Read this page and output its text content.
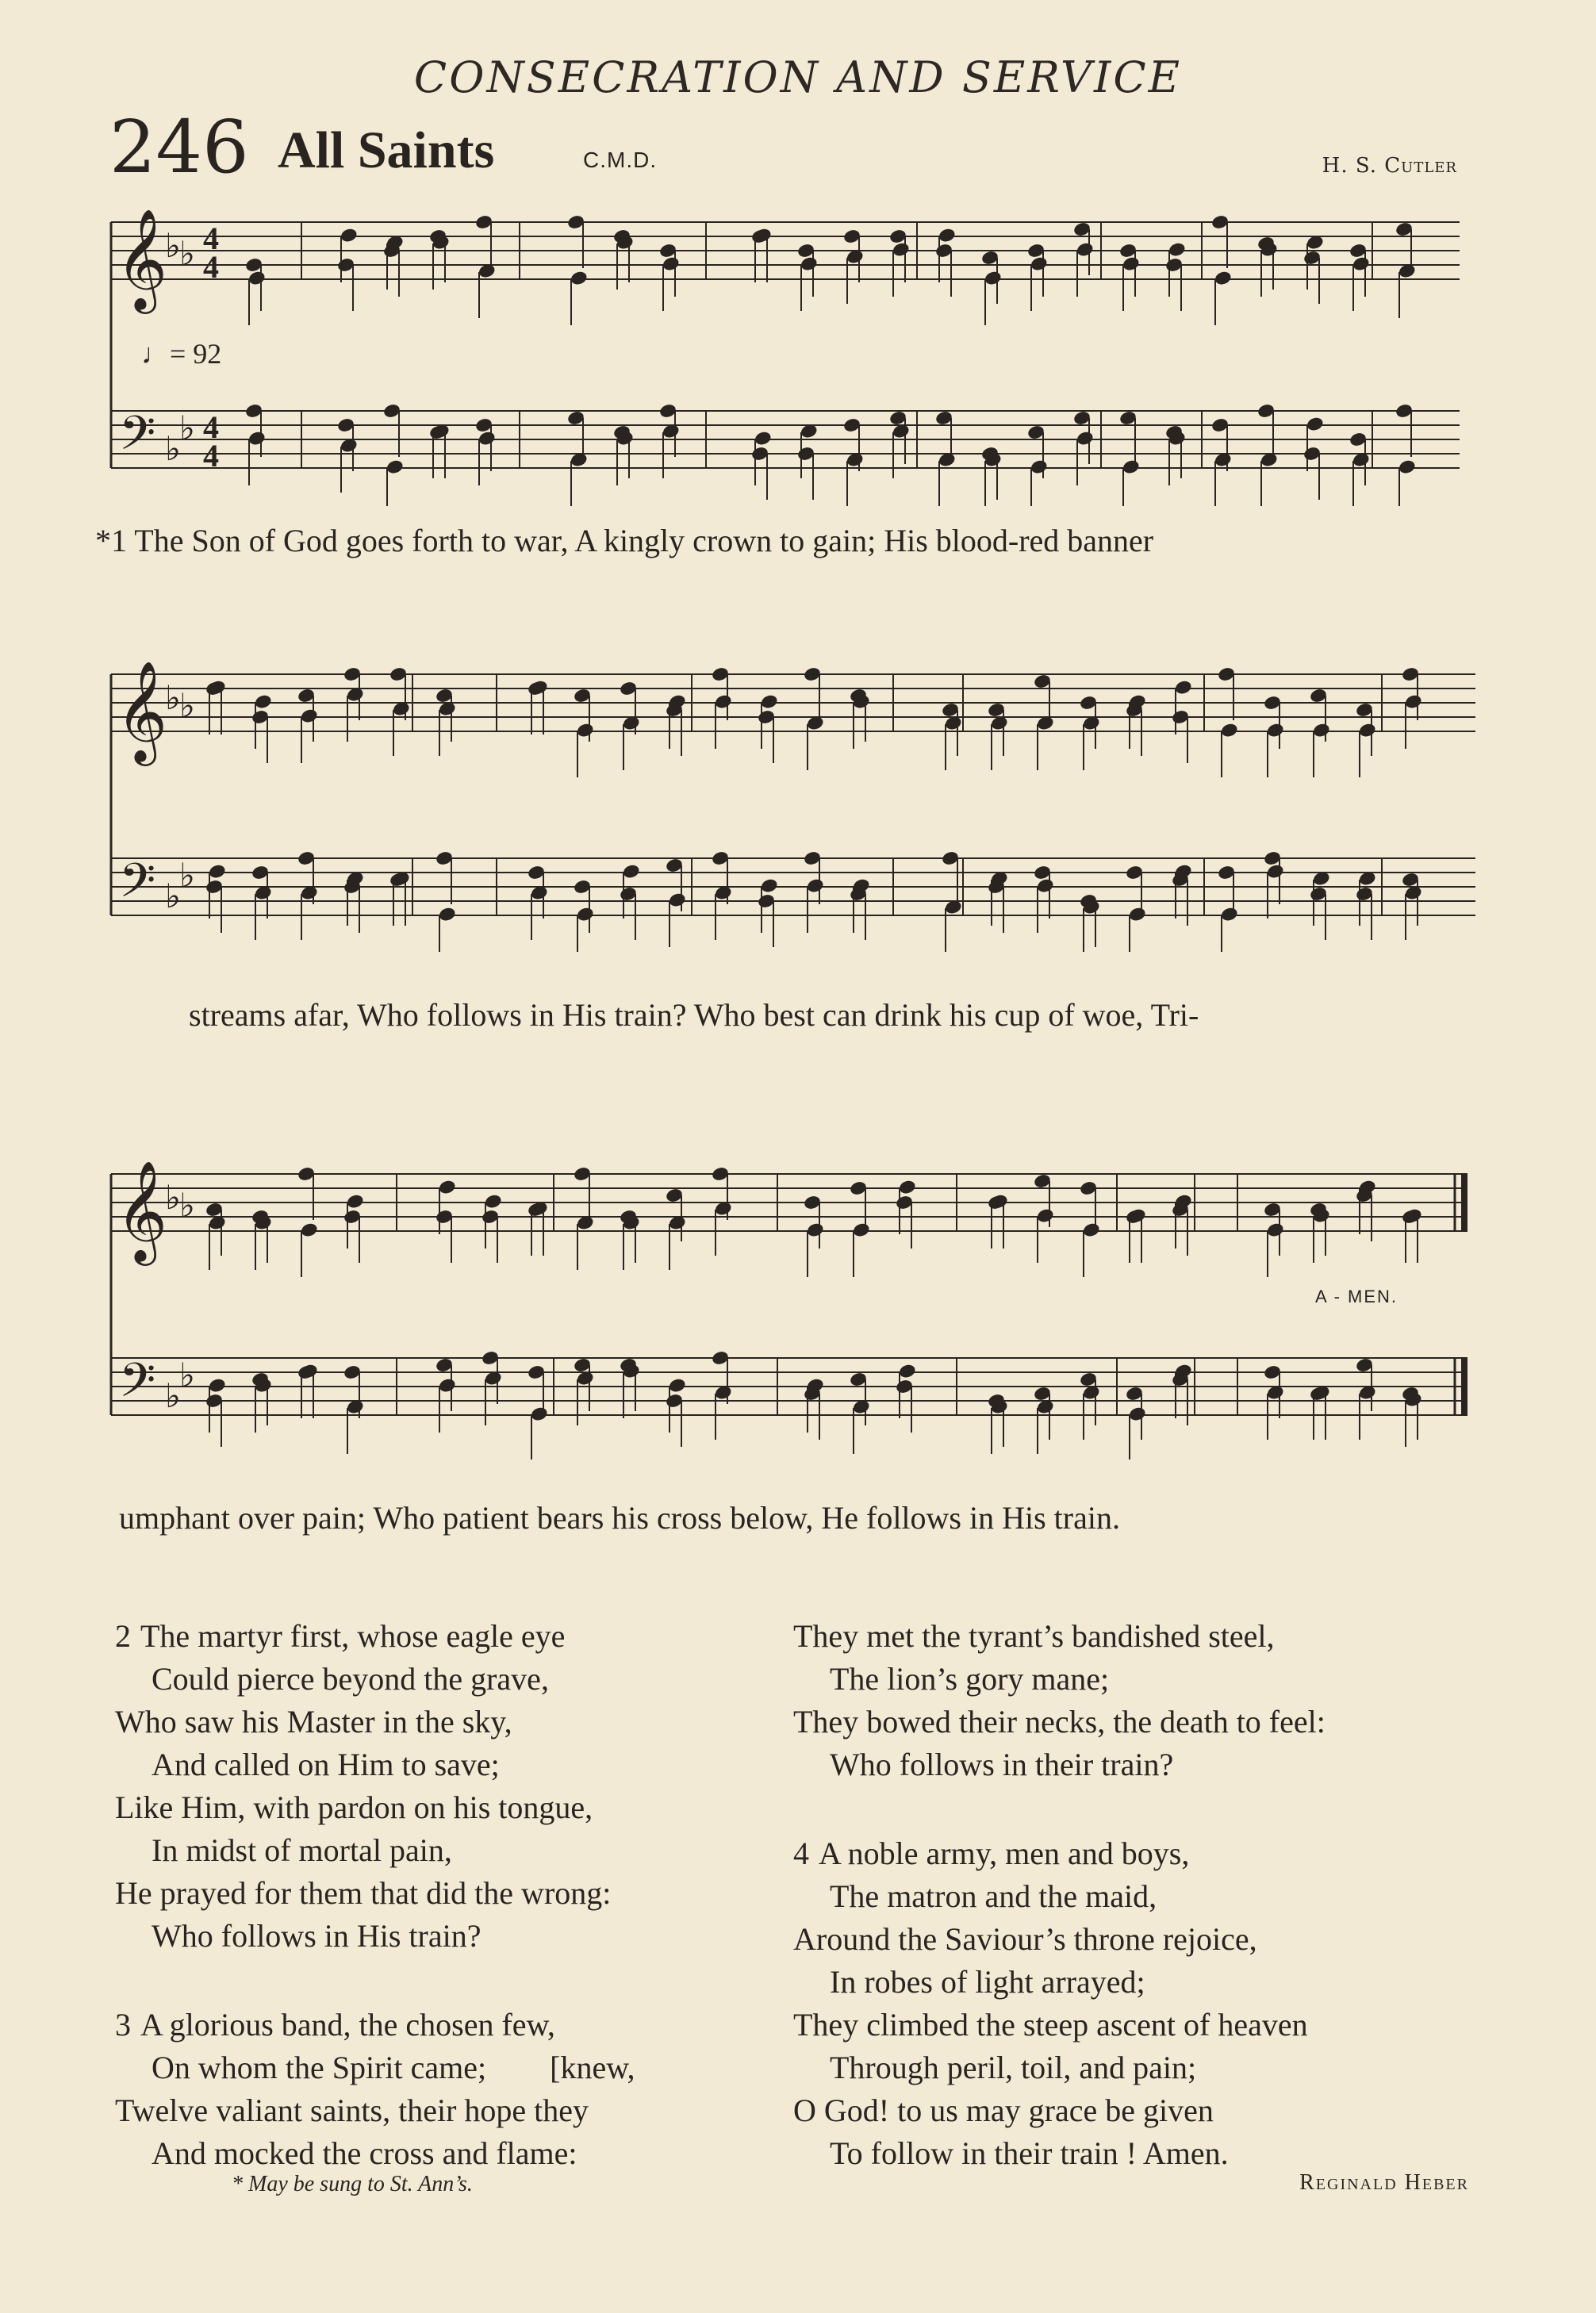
CONSECRATION AND SERVICE
246 All Saints	C.M.D.	H. S. Cutler
𝄞
𝄢
♭
♭
♭
♭
4
4
4
4
♩= 92
*1 The Son of God goes forth to war, A kingly crown to gain; His blood-red banner
𝄞
𝄢
♭
♭
♭
♭
streams afar, Who follows in His train? Who best can drink his cup of woe, Tri-
𝄞
𝄢
♭
♭
♭
♭
A - MEN.
umphant over pain; Who patient bears his cross below, He follows in His train.
2 The martyr first, whose eagle eye
Could pierce beyond the grave,
Who saw his Master in the sky,
And called on Him to save;
Like Him, with pardon on his tongue,
In midst of mortal pain,
He prayed for them that did the wrong:
Who follows in His train?
3 A glorious band, the chosen few,
On whom the Spirit came;        [knew,
Twelve valiant saints, their hope they
And mocked the cross and flame:
They met the tyrant’s bandished steel,
The lion’s gory mane;
They bowed their necks, the death to feel:
Who follows in their train?
4 A noble army, men and boys,
The matron and the maid,
Around the Saviour’s throne rejoice,
In robes of light arrayed;
They climbed the steep ascent of heaven
Through peril, toil, and pain;
O God! to us may grace be given
To follow in their train ! Amen.
* May be sung to St. Ann’s.	Reginald Heber
